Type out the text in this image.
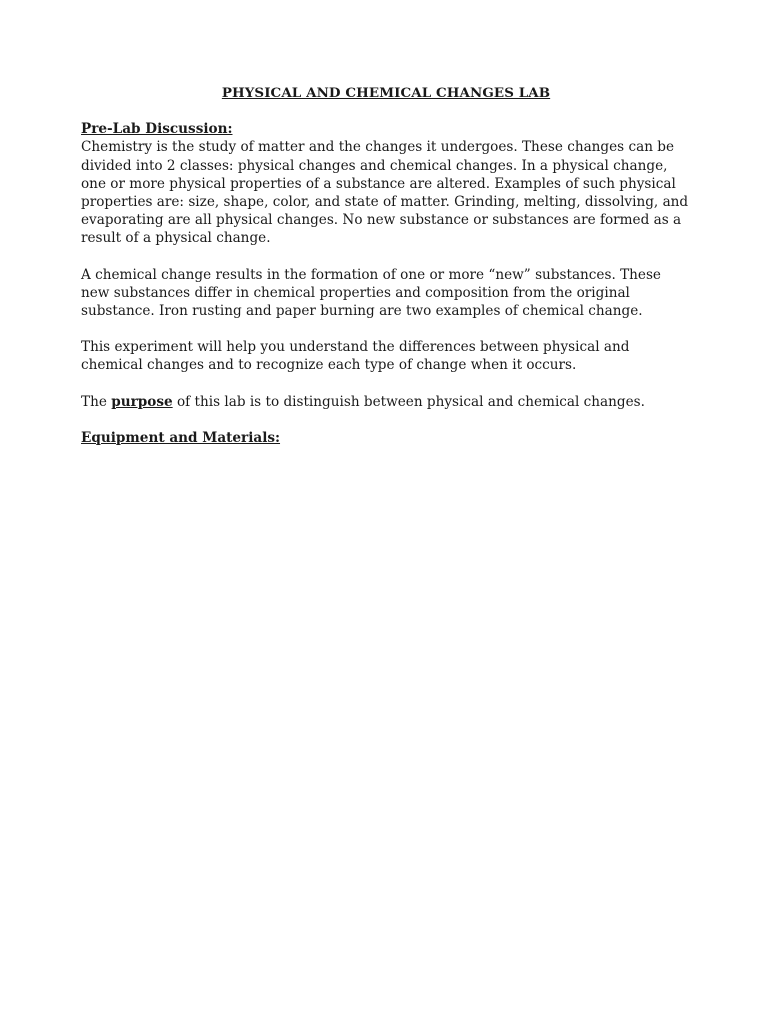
PHYSICAL AND CHEMICAL CHANGES LAB
Pre-Lab Discussion:

Chemistry is the study of matter and the changes it undergoes. These changes can be divided into 2 classes: physical changes and chemical changes. In a physical change, one or more physical properties of a substance are altered. Examples of such physical properties are: size, shape, color, and state of matter. Grinding, melting, dissolving, and evaporating are all physical changes. No new substance or substances are formed as a result of a physical change.

A chemical change results in the formation of one or more “new” substances. These new substances differ in chemical properties and composition from the original substance. Iron rusting and paper burning are two examples of chemical change.

This experiment will help you understand the differences between physical and chemical changes and to recognize each type of change when it occurs.

The purpose of this lab is to distinguish between physical and chemical changes.

Equipment and Materials:
